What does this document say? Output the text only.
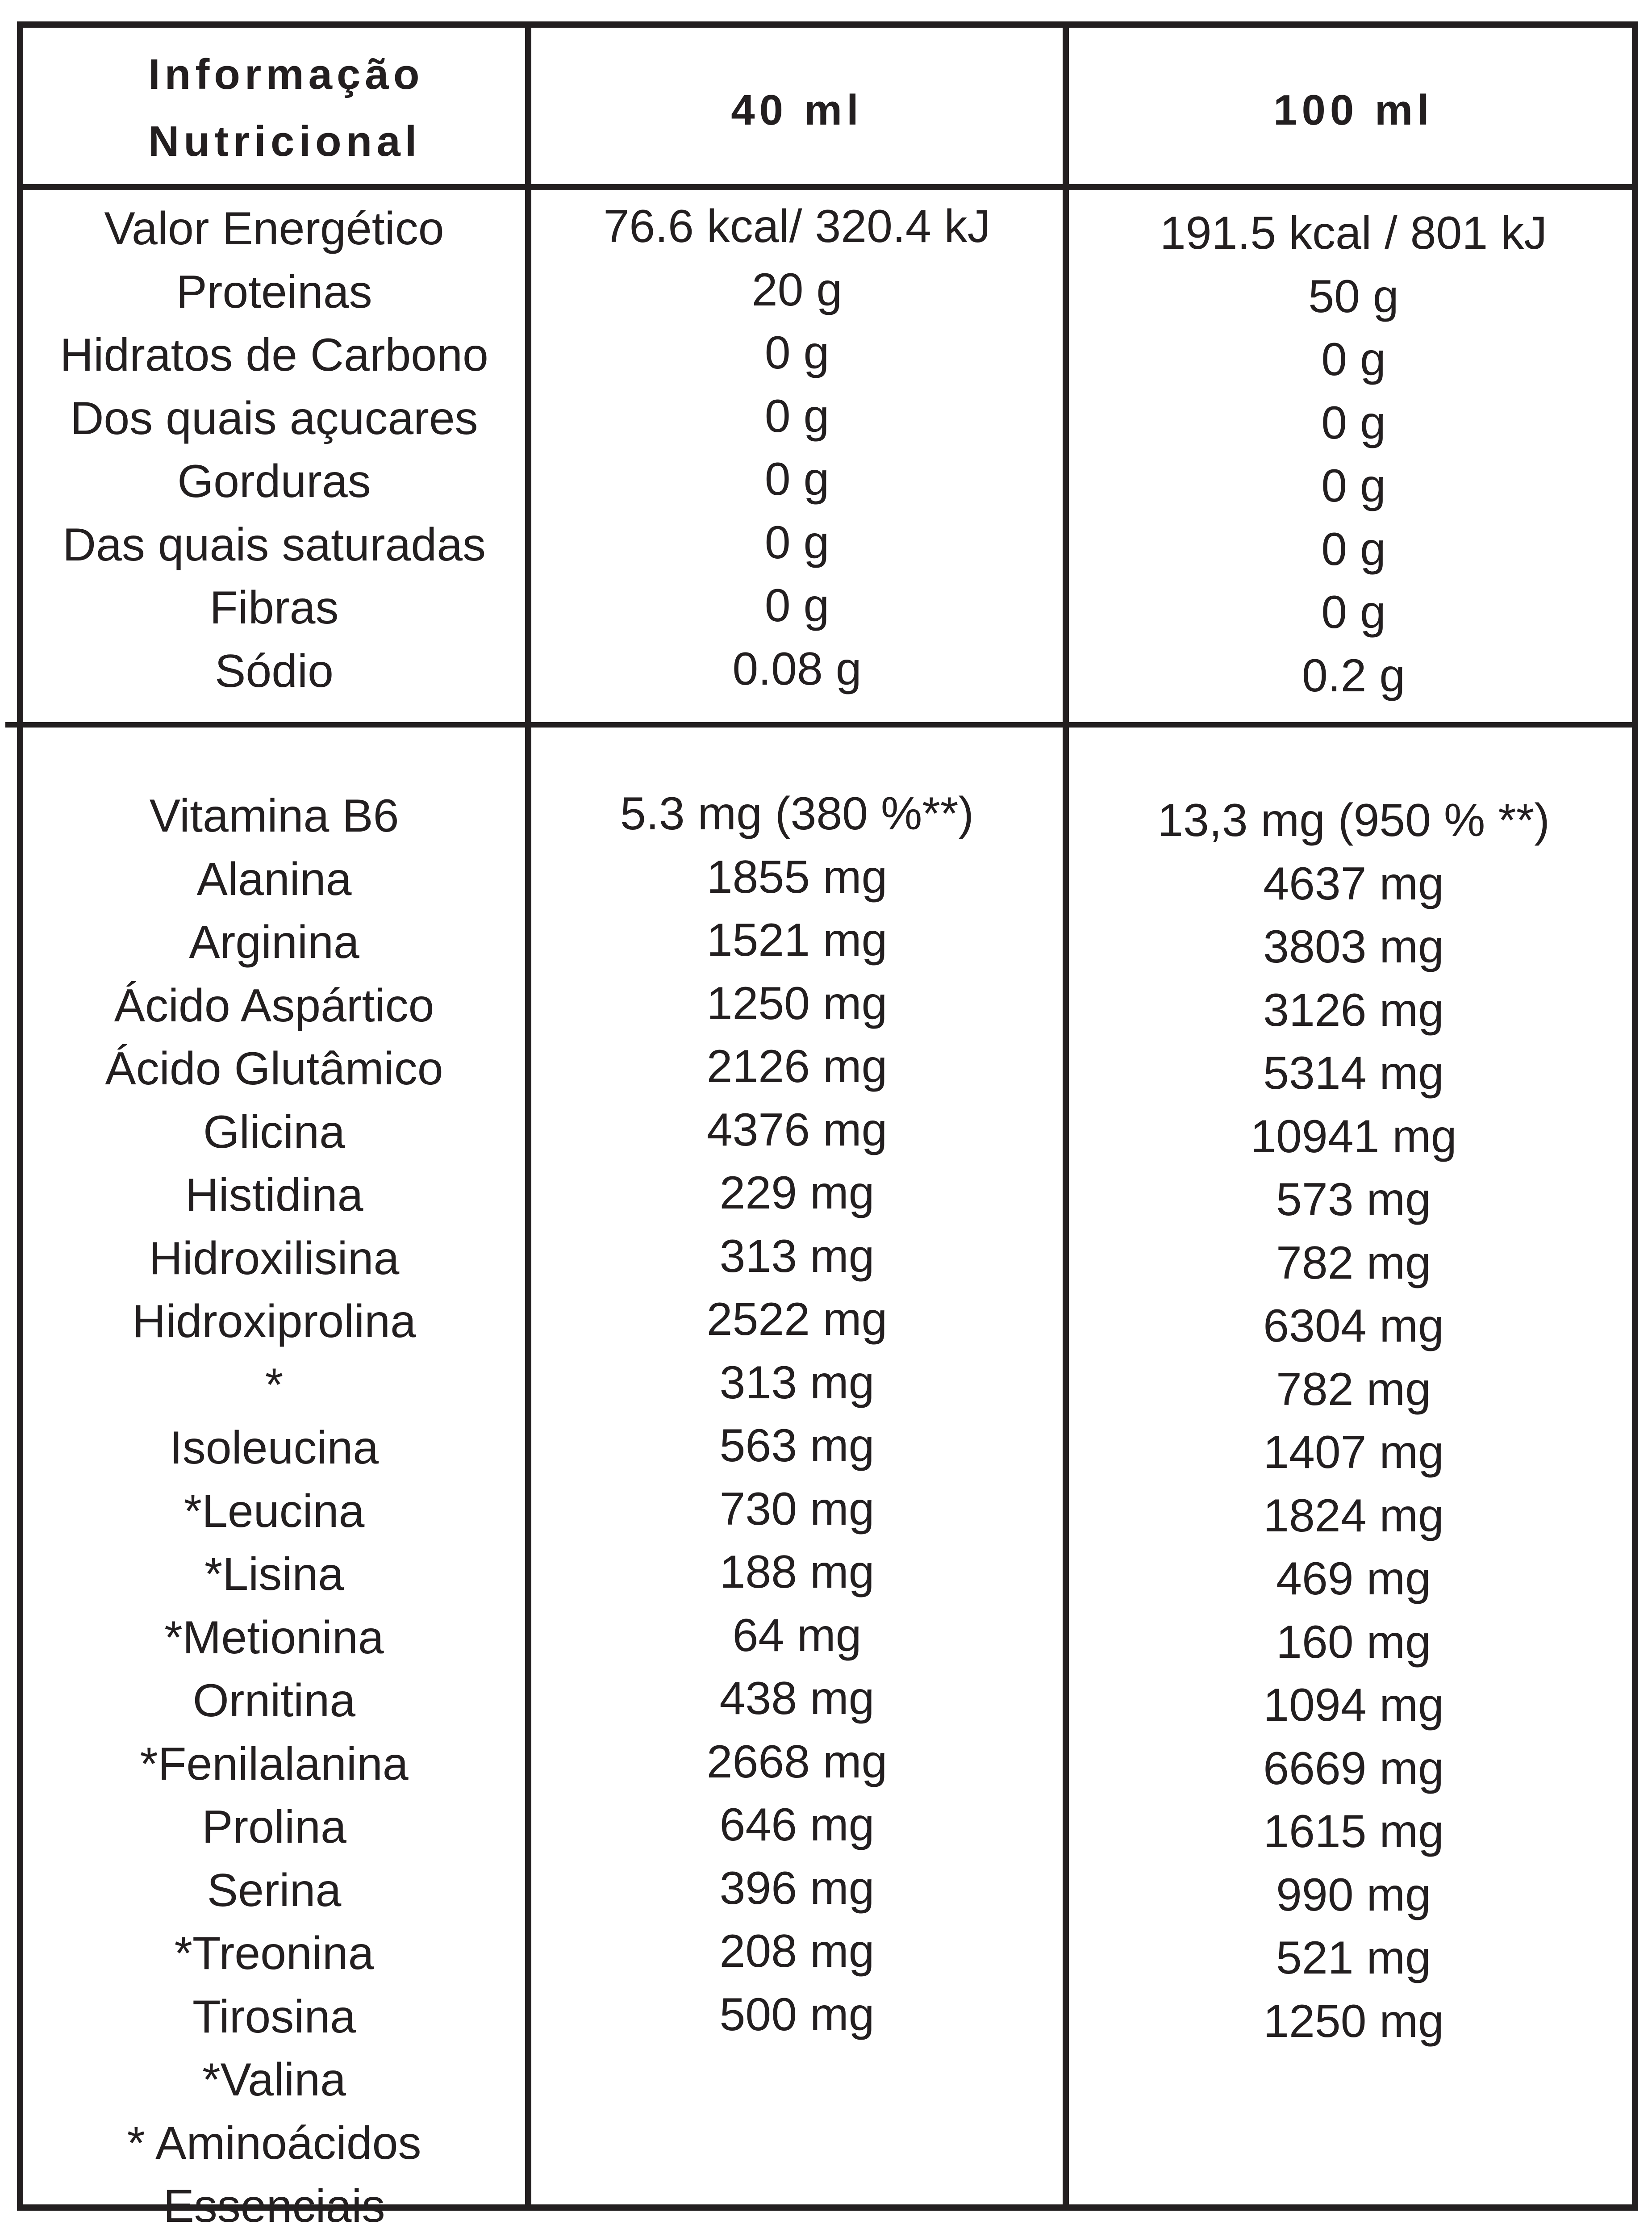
Informação
Nutricional
40 ml	100 ml
Valor Energético
Proteinas
Hidratos de Carbono
Dos quais açucares
Gorduras
Das quais saturadas
Fibras
Sódio
76.6 kcal/ 320.4 kJ
20 g
0 g
0 g
0 g
0 g
0 g
0.08 g
191.5 kcal / 801 kJ
50 g
0 g
0 g
0 g
0 g
0 g
0.2 g
Vitamina B6
Alanina
Arginina
Ácido Aspártico
Ácido Glutâmico
Glicina
Histidina
Hidroxilisina
Hidroxiprolina
*
Isoleucina
*Leucina
*Lisina
*Metionina
Ornitina
*Fenilalanina
Prolina
Serina
*Treonina
Tirosina
*Valina
* Aminoácidos
Essenciais
5.3 mg (380 %**)
1855 mg
1521 mg
1250 mg
2126 mg
4376 mg
229 mg
313 mg
2522 mg
313 mg
563 mg
730 mg
188 mg
64 mg
438 mg
2668 mg
646 mg
396 mg
208 mg
500 mg
13,3 mg (950 % **)
4637 mg
3803 mg
3126 mg
5314 mg
10941 mg
573 mg
782 mg
6304 mg
782 mg
1407 mg
1824 mg
469 mg
160 mg
1094 mg
6669 mg
1615 mg
990 mg
521 mg
1250 mg
